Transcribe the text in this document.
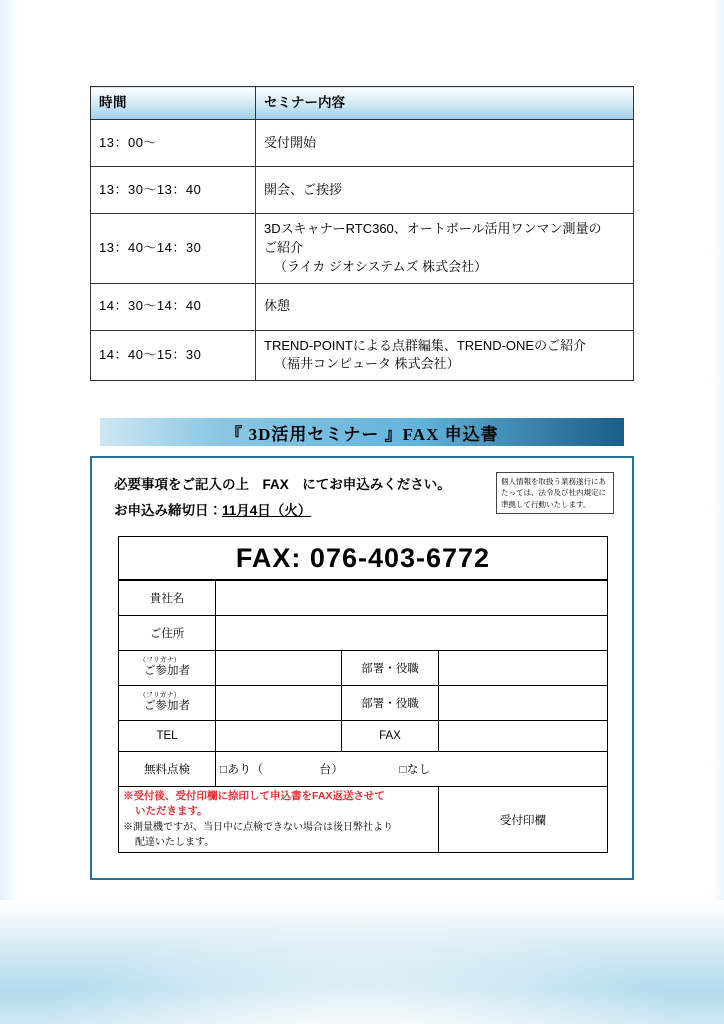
時間	セミナー内容
13：00〜	受付開始

13：30〜13：40	開会、ご挨拶

13：40〜14：30	3DスキャナーRTC360、オートボール活用ワンマン測量の
ご紹介
（ライカ ジオシステムズ 株式会社）

14：30〜14：40	休憩

14：40〜15：30	TREND-POINTによる点群編集、TREND-ONEのご紹介
（福井コンピュータ 株式会社）
『 3D活用セミナー 』FAX 申込書
必要事項をご記入の上　FAX　にてお申込みください。
お申込み締切日：11月4日（火）
個人情報を取扱う業務遂行にあたっては、法令及び社内規定に準拠して行動いたします。
FAX: 076-403-6772
貴社名			
ご住所			

（フリガナ）
ご参加者		部署・役職	

（フリガナ）
ご参加者		部署・役職	
TEL		FAX	
無料点検	□あり（ 台） □なし		

※受付後、受付印欄に捺印して申込書をFAX返送させて
いただきます。
※測量機ですが、当日中に点検できない場合は後日弊社より
配達いたします。			受付印欄
